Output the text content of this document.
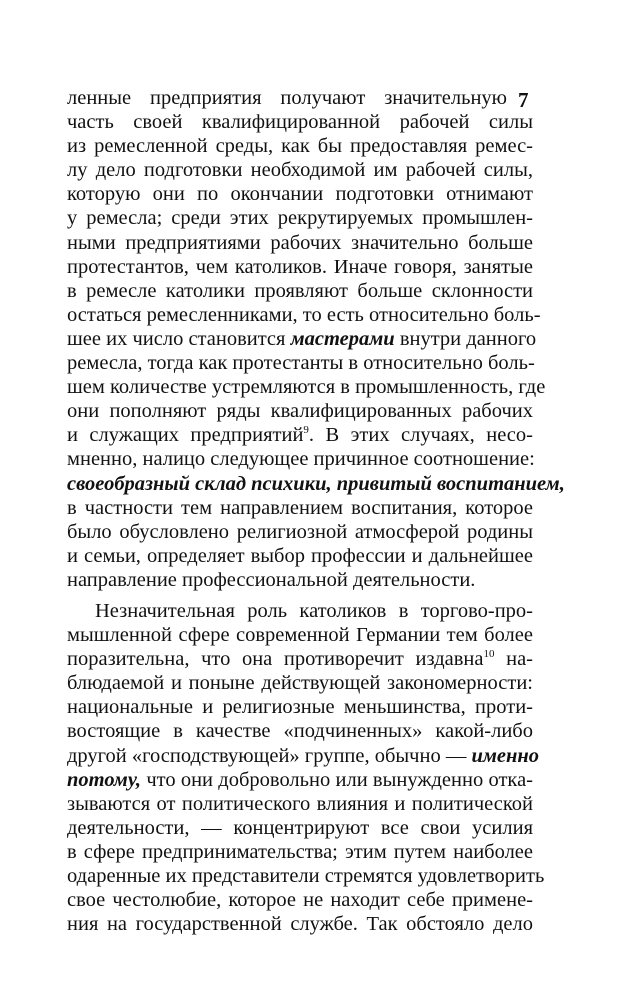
7
ленные предприятия получают значительную
часть своей квалифицированной рабочей силы
из ремесленной среды, как бы предоставляя ремес-
лу дело подготовки необходимой им рабочей силы,
которую они по окончании подготовки отнимают
у ремесла; среди этих рекрутируемых промышлен-
ными предприятиями рабочих значительно больше
протестантов, чем католиков. Иначе говоря, занятые
в ремесле католики проявляют больше склонности
остаться ремесленниками, то есть относительно боль-
шее их число становится мастерами внутри данного
ремесла, тогда как протестанты в относительно боль-
шем количестве устремляются в промышленность, где
они пополняют ряды квалифицированных рабочих
и служащих предприятий$^9$. В этих случаях, несо-
мненно, налицо следующее причинное соотношение:
своеобразный склад психики, привитый воспитанием,
в частности тем направлением воспитания, которое
было обусловлено религиозной атмосферой родины
и семьи, определяет выбор профессии и дальнейшее
направление профессиональной деятельности.
Незначительная роль католиков в торгово-про-
мышленной сфере современной Германии тем более
поразительна, что она противоречит издавна$^{10}$ на-
блюдаемой и поныне действующей закономерности:
национальные и религиозные меньшинства, проти-
востоящие в качестве «подчиненных» какой-либо
другой «господствующей» группе, обычно — именно
потому, что они добровольно или вынужденно отка-
зываются от политического влияния и политической
деятельности, — концентрируют все свои усилия
в сфере предпринимательства; этим путем наиболее
одаренные их представители стремятся удовлетворить
свое честолюбие, которое не находит себе примене-
ния на государственной службе. Так обстояло дело
